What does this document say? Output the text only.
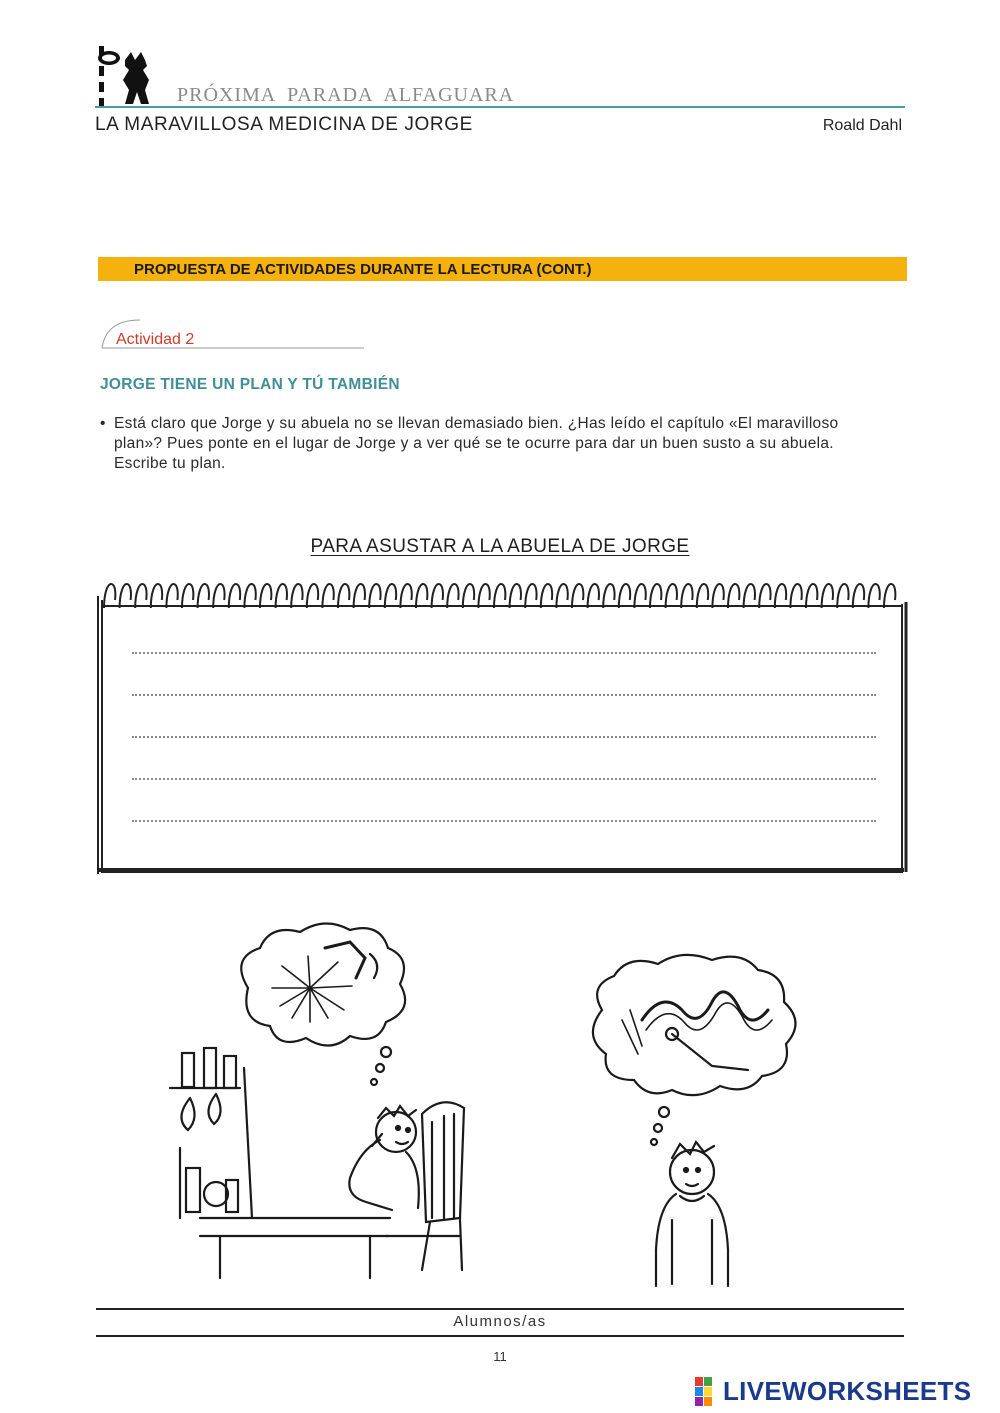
PRÓXIMA PARADA ALFAGUARA
LA MARAVILLOSA MEDICINA DE JORGE	Roald Dahl
PROPUESTA DE ACTIVIDADES DURANTE LA LECTURA (CONT.)
Actividad 2
JORGE TIENE UN PLAN Y TÚ TAMBIÉN
• Está claro que Jorge y su abuela no se llevan demasiado bien. ¿Has leído el capítulo «El maravilloso plan»? Pues ponte en el lugar de Jorge y a ver qué se te ocurre para dar un buen susto a su abuela. Escribe tu plan.
PARA ASUSTAR A LA ABUELA DE JORGE
Alumnos/as
11
LIVEWORKSHEETS
